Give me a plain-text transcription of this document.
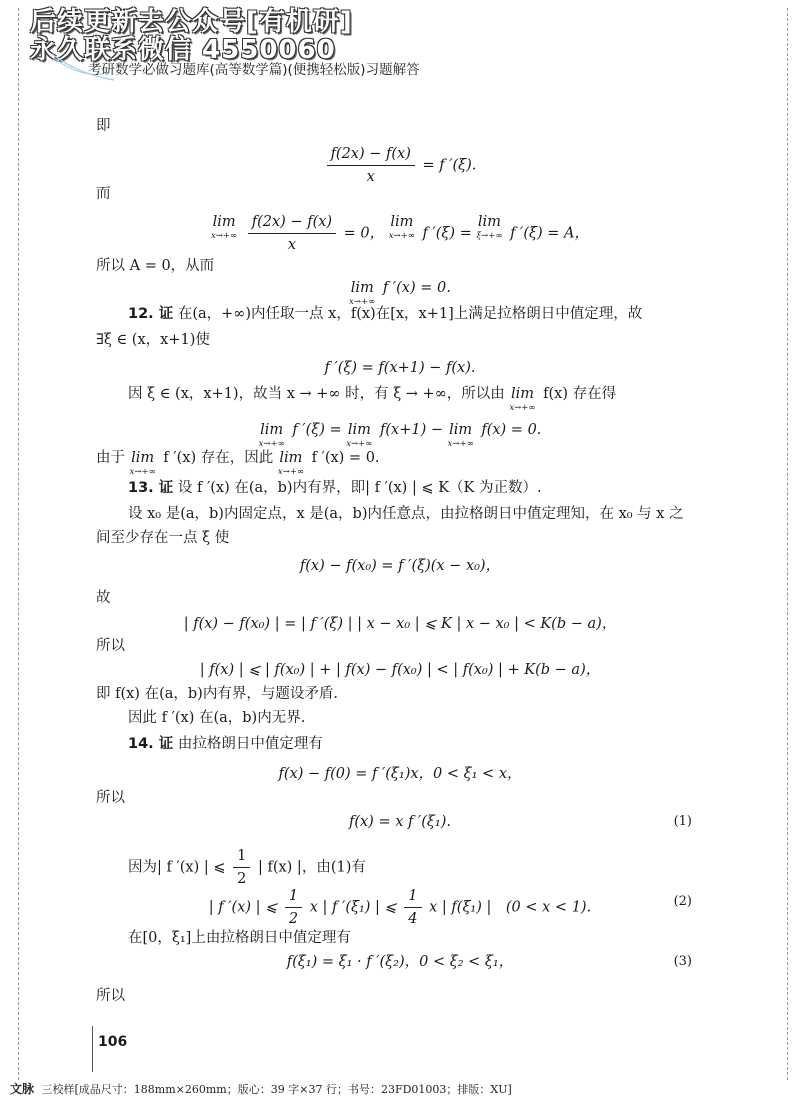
后续更新去公众号[有机研]
永久联系微信 4550060
考研数学必做习题库(高等数学篇)(便携轻松版)习题解答
即
$\frac{f(2x) - f(x)}{x} = f$ ′(ξ).
而
lim
x→+∞
$\frac{f(2x) - f(x)}{x} = 0$， lim
x→+∞ f ′(ξ) = lim
ξ→+∞ f ′(ξ) = A，
所以 A = 0，从而
lim
x→+∞
f ′(x) = 0.
12. 证 在(a，+∞)内任取一点 x，f(x)在[x，x+1]上满足拉格朗日中值定理，故
∃ξ ∈ (x，x+1)使
f ′(ξ) = f(x+1) − f(x).
因 ξ ∈ (x，x+1)，故当 x → +∞ 时，有 ξ → +∞，所以由 lim
x→+∞
f(x) 存在得
lim
x→+∞
f ′(ξ) = lim
x→+∞
f(x+1) − lim
x→+∞
f(x) = 0.
由于 lim
x→+∞
f ′(x) 存在，因此 lim
x→+∞
f ′(x) = 0.
13. 证 设 f ′(x) 在(a，b)内有界，即| f ′(x) | ⩽ K（K 为正数）.
设 x₀ 是(a，b)内固定点，x 是(a，b)内任意点，由拉格朗日中值定理知，在 x₀ 与 x 之
间至少存在一点 ξ 使
f(x) − f(x₀) = f ′(ξ)(x − x₀)，
故
| f(x) − f(x₀) | = | f ′(ξ) | | x − x₀ | ⩽ K | x − x₀ | < K(b − a)，
所以
| f(x) | ⩽ | f(x₀) | + | f(x) − f(x₀) | < | f(x₀) | + K(b − a)，
即 f(x) 在(a，b)内有界，与题设矛盾.
因此 f ′(x) 在(a，b)内无界.
14. 证 由拉格朗日中值定理有
f(x) − f(0) = f ′(ξ₁)x，0 < ξ₁ < x，
所以
f(x) = x f ′(ξ₁).	(1)
因为| f ′(x) | ⩽ $\frac{1}{2}$ | f(x) |，由(1)有
| f ′(x) | ⩽ $\frac{1}{2}$ x | f ′(ξ₁) | ⩽ $\frac{1}{4}$ x | f(ξ₁) |　(0 < x < 1).	(2)
在[0，ξ₁]上由拉格朗日中值定理有
f(ξ₁) = ξ₁ · f ′(ξ₂)，0 < ξ₂ < ξ₁，	(3)
所以
106
文脉 三校样[成品尺寸：188mm×260mm；版心：39 字×37 行；书号：23FD01003；排版：XU]
